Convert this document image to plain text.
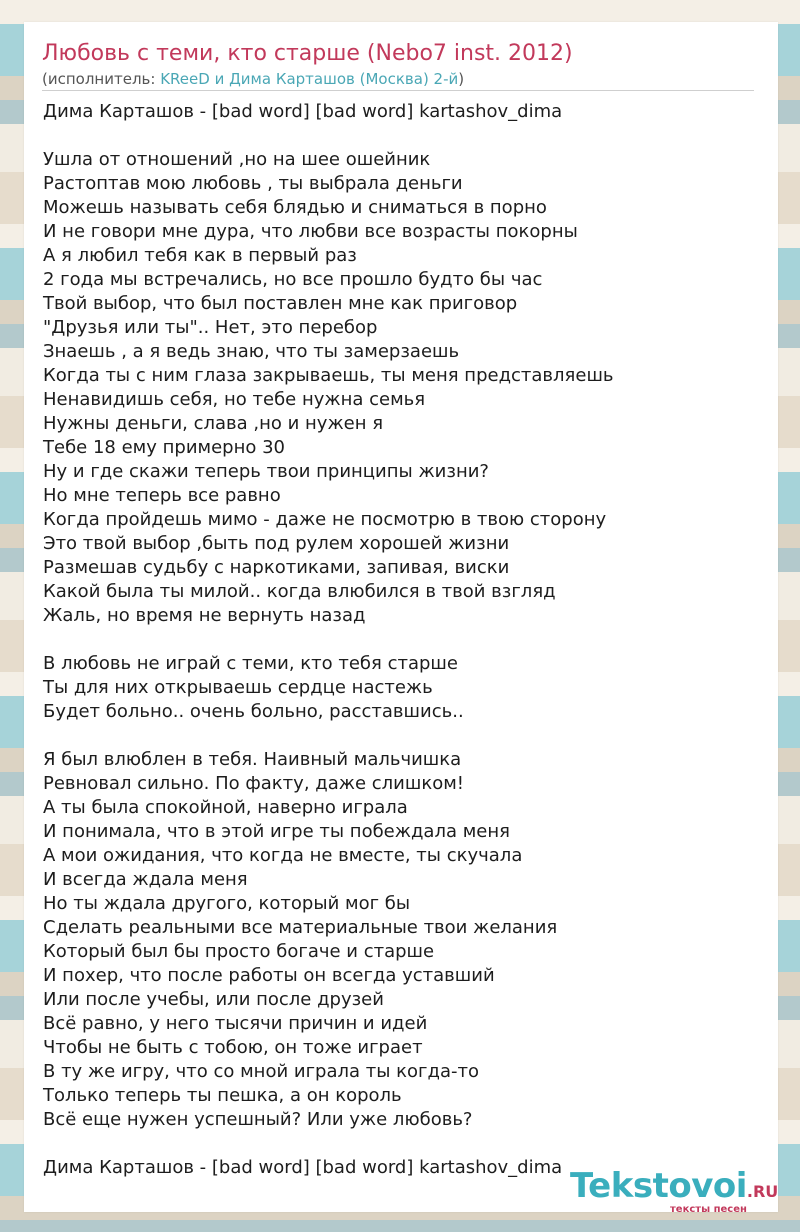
Любовь с теми, кто старше (Nebo7 inst. 2012)
(исполнитель: KReeD и Дима Карташов (Москва) 2-й)
Дима Карташов - [bad word] [bad word] kartashov_dima
Ушла от отношений ,но на шее ошейник
Растоптав мою любовь , ты выбрала деньги
Можешь называть себя блядью и сниматься в порно
И не говори мне дура, что любви все возрасты покорны
А я любил тебя как в первый раз
2 года мы встречались, но все прошло будто бы час
Твой выбор, что был поставлен мне как приговор
"Друзья или ты".. Нет, это перебор
Знаешь , а я ведь знаю, что ты замерзаешь
Когда ты с ним глаза закрываешь, ты меня представляешь
Ненавидишь себя, но тебе нужна семья
Нужны деньги, слава ,но и нужен я
Тебе 18 ему примерно 30
Ну и где скажи теперь твои принципы жизни?
Но мне теперь все равно
Когда пройдешь мимо - даже не посмотрю в твою сторону
Это твой выбор ,быть под рулем хорошей жизни
Размешав судьбу с наркотиками, запивая, виски
Какой была ты милой.. когда влюбился в твой взгляд
Жаль, но время не вернуть назад
В любовь не играй с теми, кто тебя старше
Ты для них открываешь сердце настежь
Будет больно.. очень больно, расставшись..
Я был влюблен в тебя. Наивный мальчишка
Ревновал сильно. По факту, даже слишком!
А ты была спокойной, наверно играла
И понимала, что в этой игре ты побеждала меня
А мои ожидания, что когда не вместе, ты скучала
И всегда ждала меня
Но ты ждала другого, который мог бы
Сделать реальными все материальные твои желания
Который был бы просто богаче и старше
И похер, что после работы он всегда уставший
Или после учебы, или после друзей
Всё равно, у него тысячи причин и идей
Чтобы не быть с тобою, он тоже играет
В ту же игру, что со мной играла ты когда-то
Только теперь ты пешка, а он король
Всё еще нужен успешный? Или уже любовь?
Дима Карташов - [bad word] [bad word] kartashov_dima Tekstovoi.RU
тексты песен
